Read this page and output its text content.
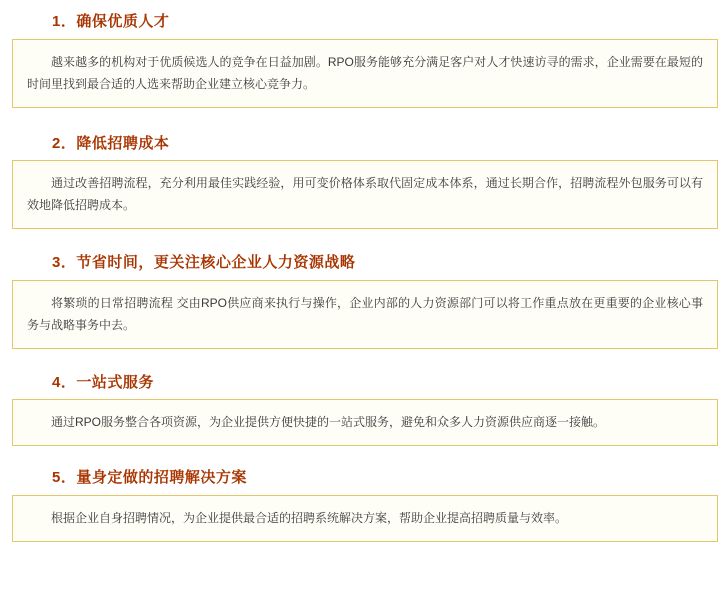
1．确保优质人才

越来越多的机构对于优质候选人的竞争在日益加剧。RPO服务能够充分满足客户对人才快速访寻的需求，企业需要在最短的时间里找到最合适的人选来帮助企业建立核心竞争力。

2．降低招聘成本

通过改善招聘流程，充分利用最佳实践经验，用可变价格体系取代固定成本体系，通过长期合作，招聘流程外包服务可以有效地降低招聘成本。

3．节省时间，更关注核心企业人力资源战略

将繁琐的日常招聘流程 交由RPO供应商来执行与操作，企业内部的人力资源部门可以将工作重点放在更重要的企业核心事务与战略事务中去。

4．一站式服务

通过RPO服务整合各项资源，为企业提供方便快捷的一站式服务，避免和众多人力资源供应商逐一接触。

5．量身定做的招聘解决方案

根据企业自身招聘情况，为企业提供最合适的招聘系统解决方案，帮助企业提高招聘质量与效率。
